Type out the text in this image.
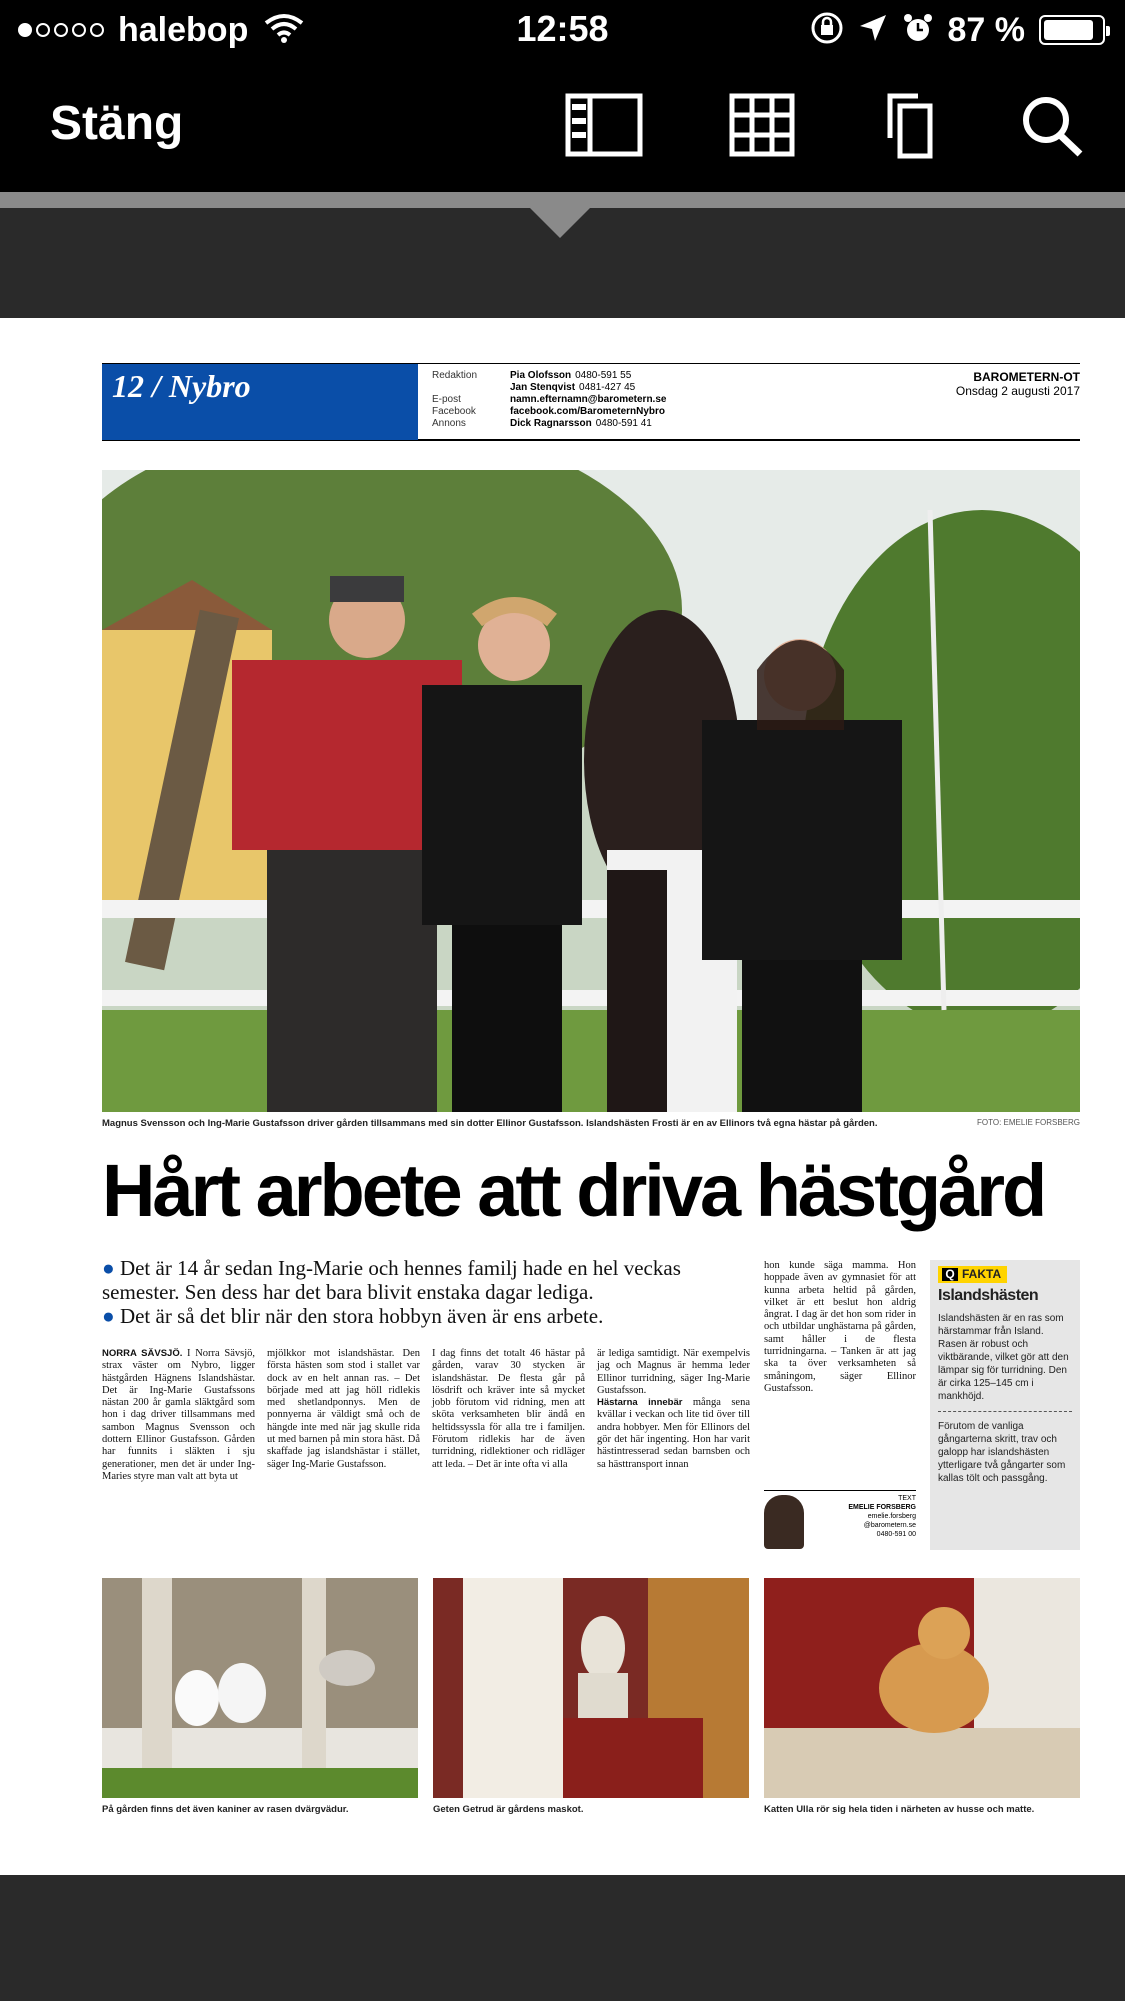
halebop	12:58	87 %
Stäng
12 / Nybro	Redaktion	Pia Olofsson 0480-591 55
Jan Stenqvist 0481-427 45
E-post	namn.efternamn@barometern.se
Facebook	facebook.com/BarometernNybro
Annons	Dick Ragnarsson 0480-591 41
BAROMETERN-OT
Onsdag 2 augusti 2017
Magnus Svensson och Ing-Marie Gustafsson driver gården tillsammans med sin dotter Ellinor Gustafsson. Islandshästen Frosti är en av Ellinors två egna hästar på gården.	FOTO: EMELIE FORSBERG
Hårt arbete att driva hästgård
● Det är 14 år sedan Ing-Marie och hennes familj hade en hel veckas semester. Sen dess har det bara blivit enstaka dagar lediga.
● Det är så det blir när den stora hobbyn även är ens arbete.
NORRA SÄVSJÖ. I Norra Sävsjö, strax väster om Nybro, ligger hästgården Hägnens Islandshästar. Det är Ing-Marie Gustafssons nästan 200 år gamla släktgård som hon i dag driver tillsammans med sambon Magnus Svensson och dottern Ellinor Gustafsson. Gården har funnits i släkten i sju generationer, men det är under Ing-Maries styre man valt att byta ut
mjölkkor mot islandshästar. Den första hästen som stod i stallet var dock av en helt annan ras. – Det började med att jag höll ridlekis med shetlandponnys. Men de ponnyerna är väldigt små och de hängde inte med när jag skulle rida ut med barnen på min stora häst. Då skaffade jag islandshästar i stället, säger Ing-Marie Gustafsson.
I dag finns det totalt 46 hästar på gården, varav 30 stycken är islandshästar. De flesta går på lösdrift och kräver inte så mycket jobb förutom vid ridning, men att sköta verksamheten blir ändå en heltidssyssla för alla tre i familjen. Förutom ridlekis har de även turridning, ridlektioner och ridläger att leda. – Det är inte ofta vi alla
är lediga samtidigt. När exempelvis jag och Magnus är hemma leder Ellinor turridning, säger Ing-Marie Gustafsson.
Hästarna innebär många sena kvällar i veckan och lite tid över till andra hobbyer. Men för Ellinors del gör det här ingenting. Hon har varit hästintresserad sedan barnsben och sa hästtransport innan
hon kunde säga mamma. Hon hoppade även av gymnasiet för att kunna arbeta heltid på gården, vilket är ett beslut hon aldrig ångrat. I dag är det hon som rider in och utbildar unghästarna på gården, samt håller i de flesta turridningarna. – Tanken är att jag ska ta över verksamheten så småningom, säger Ellinor Gustafsson.
TEXT
EMELIE FORSBERG
emelie.forsberg
@barometern.se
0480-591 00
Q FAKTA
Islandshästen

Islandshästen är en ras som härstammar från Island. Rasen är robust och viktbärande, vilket gör att den lämpar sig för turridning. Den är cirka 125–145 cm i mankhöjd.

Förutom de vanliga gångarterna skritt, trav och galopp har islandshästen ytterligare två gångarter som kallas tölt och passgång.

På gården finns det även kaniner av rasen dvärgvädur.	Geten Getrud är gårdens maskot.	Katten Ulla rör sig hela tiden i närheten av husse och matte.
